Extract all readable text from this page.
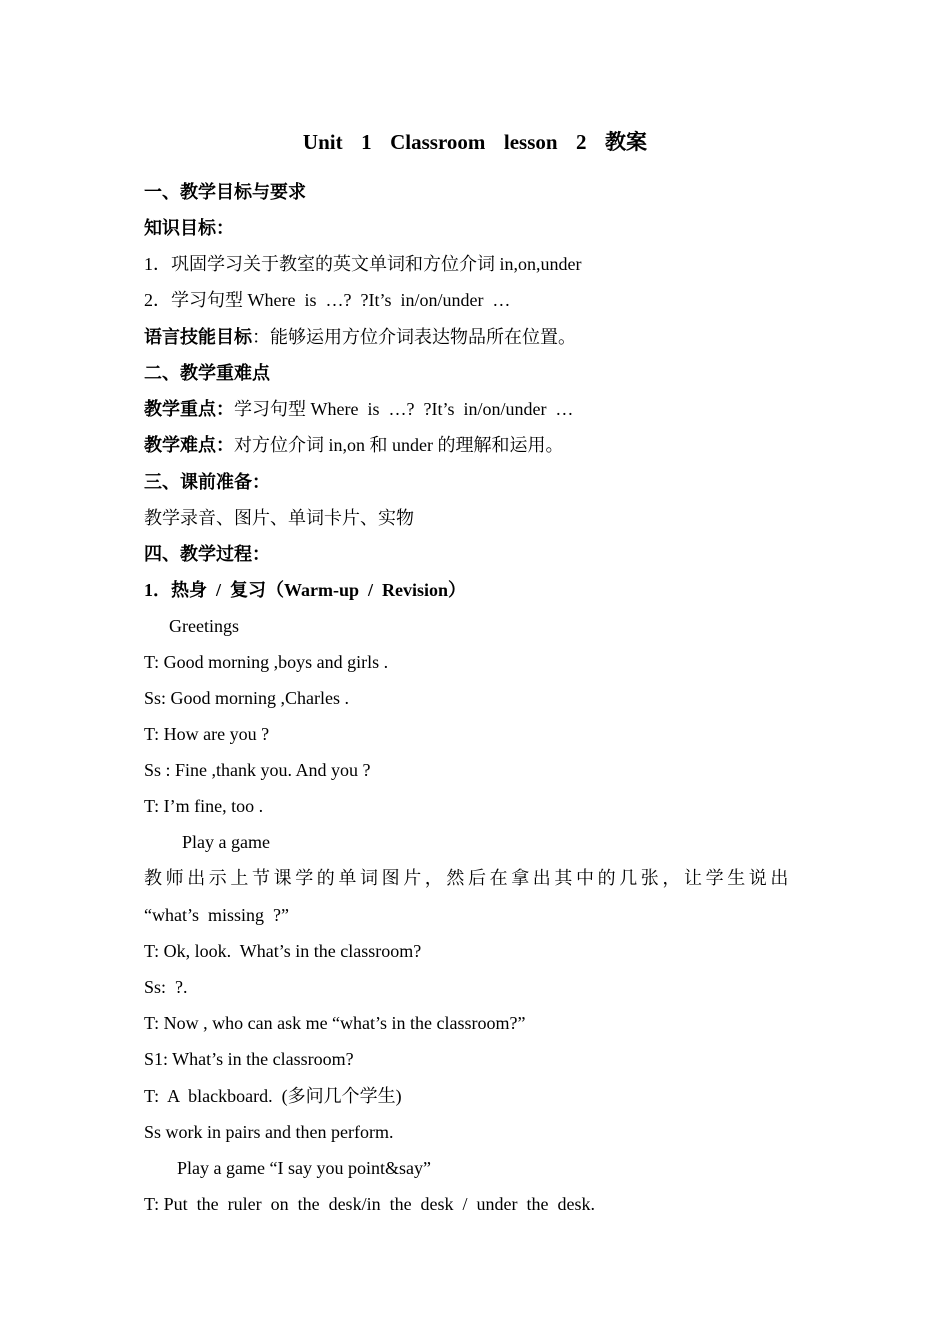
Unit  1  Classroom  lesson  2  教案
一、教学目标与要求
知识目标：
1．巩固学习关于教室的英文单词和方位介词 in,on,under
2．学习句型 Where  is  …?  ?It’s  in/on/under  …
语言技能目标：能够运用方位介词表达物品所在位置。
二、教学重难点
教学重点：学习句型 Where  is  …?  ?It’s  in/on/under  …
教学难点：对方位介词 in,on 和 under 的理解和运用。
三、课前准备：
教学录音、图片、单词卡片、实物
四、教学过程：
1．热身  /  复习（Warm-up  /  Revision）
Greetings
T: Good morning ,boys and girls .
Ss: Good morning ,Charles .
T: How are you ?
Ss : Fine ,thank you. And you ?
T: I’m fine, too .
Play a game
教师出示上节课学的单词图片，然后在拿出其中的几张，让学生说出
“what’s  missing  ?”
T: Ok, look.  What’s in the classroom?
Ss:  ?.
T: Now , who can ask me “what’s in the classroom?”
S1: What’s in the classroom?
T:  A  blackboard.  (多问几个学生)
Ss work in pairs and then perform.
Play a game “I say you point&say”
T: Put  the  ruler  on  the  desk/in  the  desk  /  under  the  desk.
